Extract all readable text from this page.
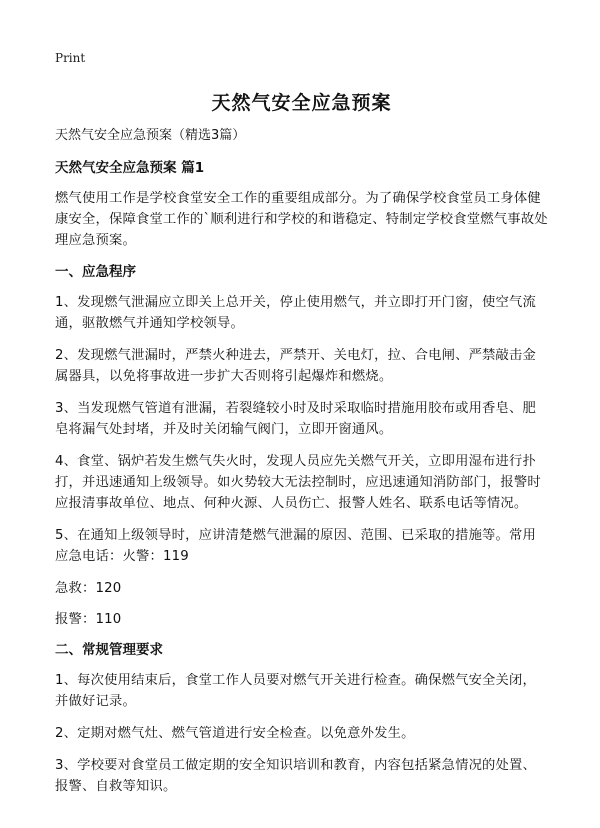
Print
天然气安全应急预案
天然气安全应急预案（精选3篇）
天然气安全应急预案 篇1
燃气使用工作是学校食堂安全工作的重要组成部分。为了确保学校食堂员工身体健康安全，保障食堂工作的`顺利进行和学校的和谐稳定、特制定学校食堂燃气事故处理应急预案。
一、应急程序
1、发现燃气泄漏应立即关上总开关，停止使用燃气，并立即打开门窗，使空气流通，驱散燃气并通知学校领导。
2、发现燃气泄漏时，严禁火种进去，严禁开、关电灯，拉、合电闸、严禁敲击金属器具，以免将事故进一步扩大否则将引起爆炸和燃烧。
3、当发现燃气管道有泄漏，若裂缝较小时及时采取临时措施用胶布或用香皂、肥皂将漏气处封堵，并及时关闭输气阀门，立即开窗通风。
4、食堂、锅炉若发生燃气失火时，发现人员应先关燃气开关，立即用湿布进行扑打，并迅速通知上级领导。如火势较大无法控制时，应迅速通知消防部门，报警时应报清事故单位、地点、何种火源、人员伤亡、报警人姓名、联系电话等情况。
5、在通知上级领导时，应讲清楚燃气泄漏的原因、范围、已采取的措施等。常用应急电话：火警：119
急救：120
报警：110
二、常规管理要求
1、每次使用结束后，食堂工作人员要对燃气开关进行检查。确保燃气安全关闭，并做好记录。
2、定期对燃气灶、燃气管道进行安全检查。以免意外发生。
3、学校要对食堂员工做定期的安全知识培训和教育，内容包括紧急情况的处置、报警、自救等知识。
